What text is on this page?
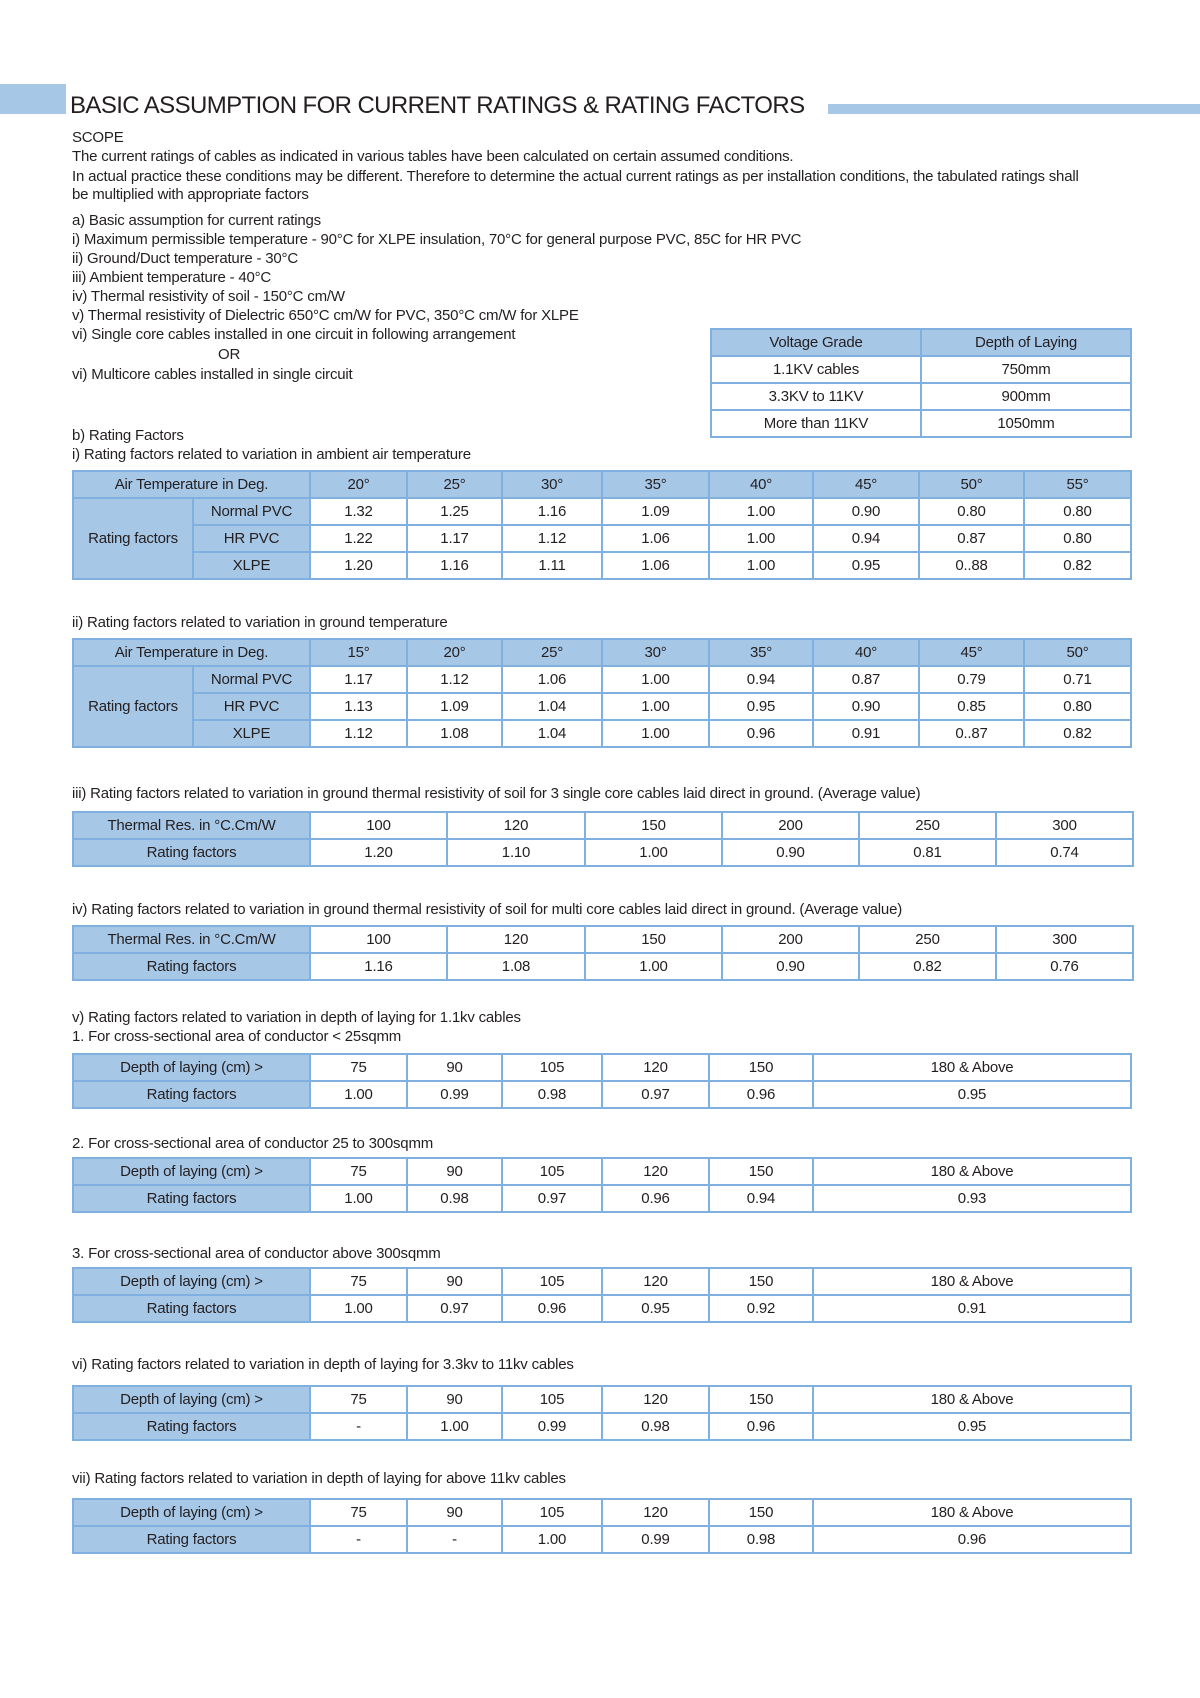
BASIC ASSUMPTION FOR CURRENT RATINGS & RATING FACTORS
SCOPE
The current ratings of cables as indicated in various tables have been calculated on certain assumed conditions.
In actual practice these conditions may be different. Therefore to determine the actual current ratings as per installation conditions, the tabulated ratings shall be multiplied with appropriate factors
a) Basic assumption for current ratings
i) Maximum permissible temperature - 90°C for XLPE insulation, 70°C for general purpose PVC, 85C for HR PVC
ii) Ground/Duct temperature - 30°C
iii) Ambient temperature - 40°C
iv) Thermal resistivity of soil - 150°C cm/W
v) Thermal resistivity of Dielectric 650°C cm/W for PVC, 350°C cm/W for XLPE
vi) Single core cables installed in one circuit in following arrangement
OR
vi) Multicore cables installed in single circuit
Voltage Grade	Depth of Laying
1.1KV cables	750mm
3.3KV to 11KV	900mm
More than 11KV	1050mm
b) Rating Factors
i) Rating factors related to variation in ambient air temperature
Air Temperature in Deg.		20°	25°	30°	35°	40°	45°	50°	55°
Rating factors	Normal PVC	1.32	1.25	1.16	1.09	1.00	0.90	0.80	0.80
	HR PVC	1.22	1.17	1.12	1.06	1.00	0.94	0.87	0.80
	XLPE	1.20	1.16	1.11	1.06	1.00	0.95	0..88	0.82
ii) Rating factors related to variation in ground temperature
Air Temperature in Deg.		15°	20°	25°	30°	35°	40°	45°	50°
Rating factors	Normal PVC	1.17	1.12	1.06	1.00	0.94	0.87	0.79	0.71
	HR PVC	1.13	1.09	1.04	1.00	0.95	0.90	0.85	0.80
	XLPE	1.12	1.08	1.04	1.00	0.96	0.91	0..87	0.82
iii) Rating factors related to variation in ground thermal resistivity of soil for 3 single core cables laid direct in ground. (Average value)
Thermal Res. in °C.Cm/W	100	120	150	200	250	300
Rating factors	1.20	1.10	1.00	0.90	0.81	0.74
iv) Rating factors related to variation in ground thermal resistivity of soil for multi core cables laid direct in ground. (Average value)
Thermal Res. in °C.Cm/W	100	120	150	200	250	300
Rating factors	1.16	1.08	1.00	0.90	0.82	0.76
v) Rating factors related to variation in depth of laying for 1.1kv cables
1. For cross-sectional area of conductor < 25sqmm
Depth of laying (cm) >	75	90	105	120	150	180 & Above
Rating factors	1.00	0.99	0.98	0.97	0.96	0.95
2. For cross-sectional area of conductor 25 to 300sqmm
Depth of laying (cm) >	75	90	105	120	150	180 & Above
Rating factors	1.00	0.98	0.97	0.96	0.94	0.93
3. For cross-sectional area of conductor above 300sqmm
Depth of laying (cm) >	75	90	105	120	150	180 & Above
Rating factors	1.00	0.97	0.96	0.95	0.92	0.91
vi) Rating factors related to variation in depth of laying for 3.3kv to 11kv cables
Depth of laying (cm) >	75	90	105	120	150	180 & Above
Rating factors	-	1.00	0.99	0.98	0.96	0.95
vii) Rating factors related to variation in depth of laying for above 11kv cables
Depth of laying (cm) >	75	90	105	120	150	180 & Above
Rating factors	-	-	1.00	0.99	0.98	0.96
